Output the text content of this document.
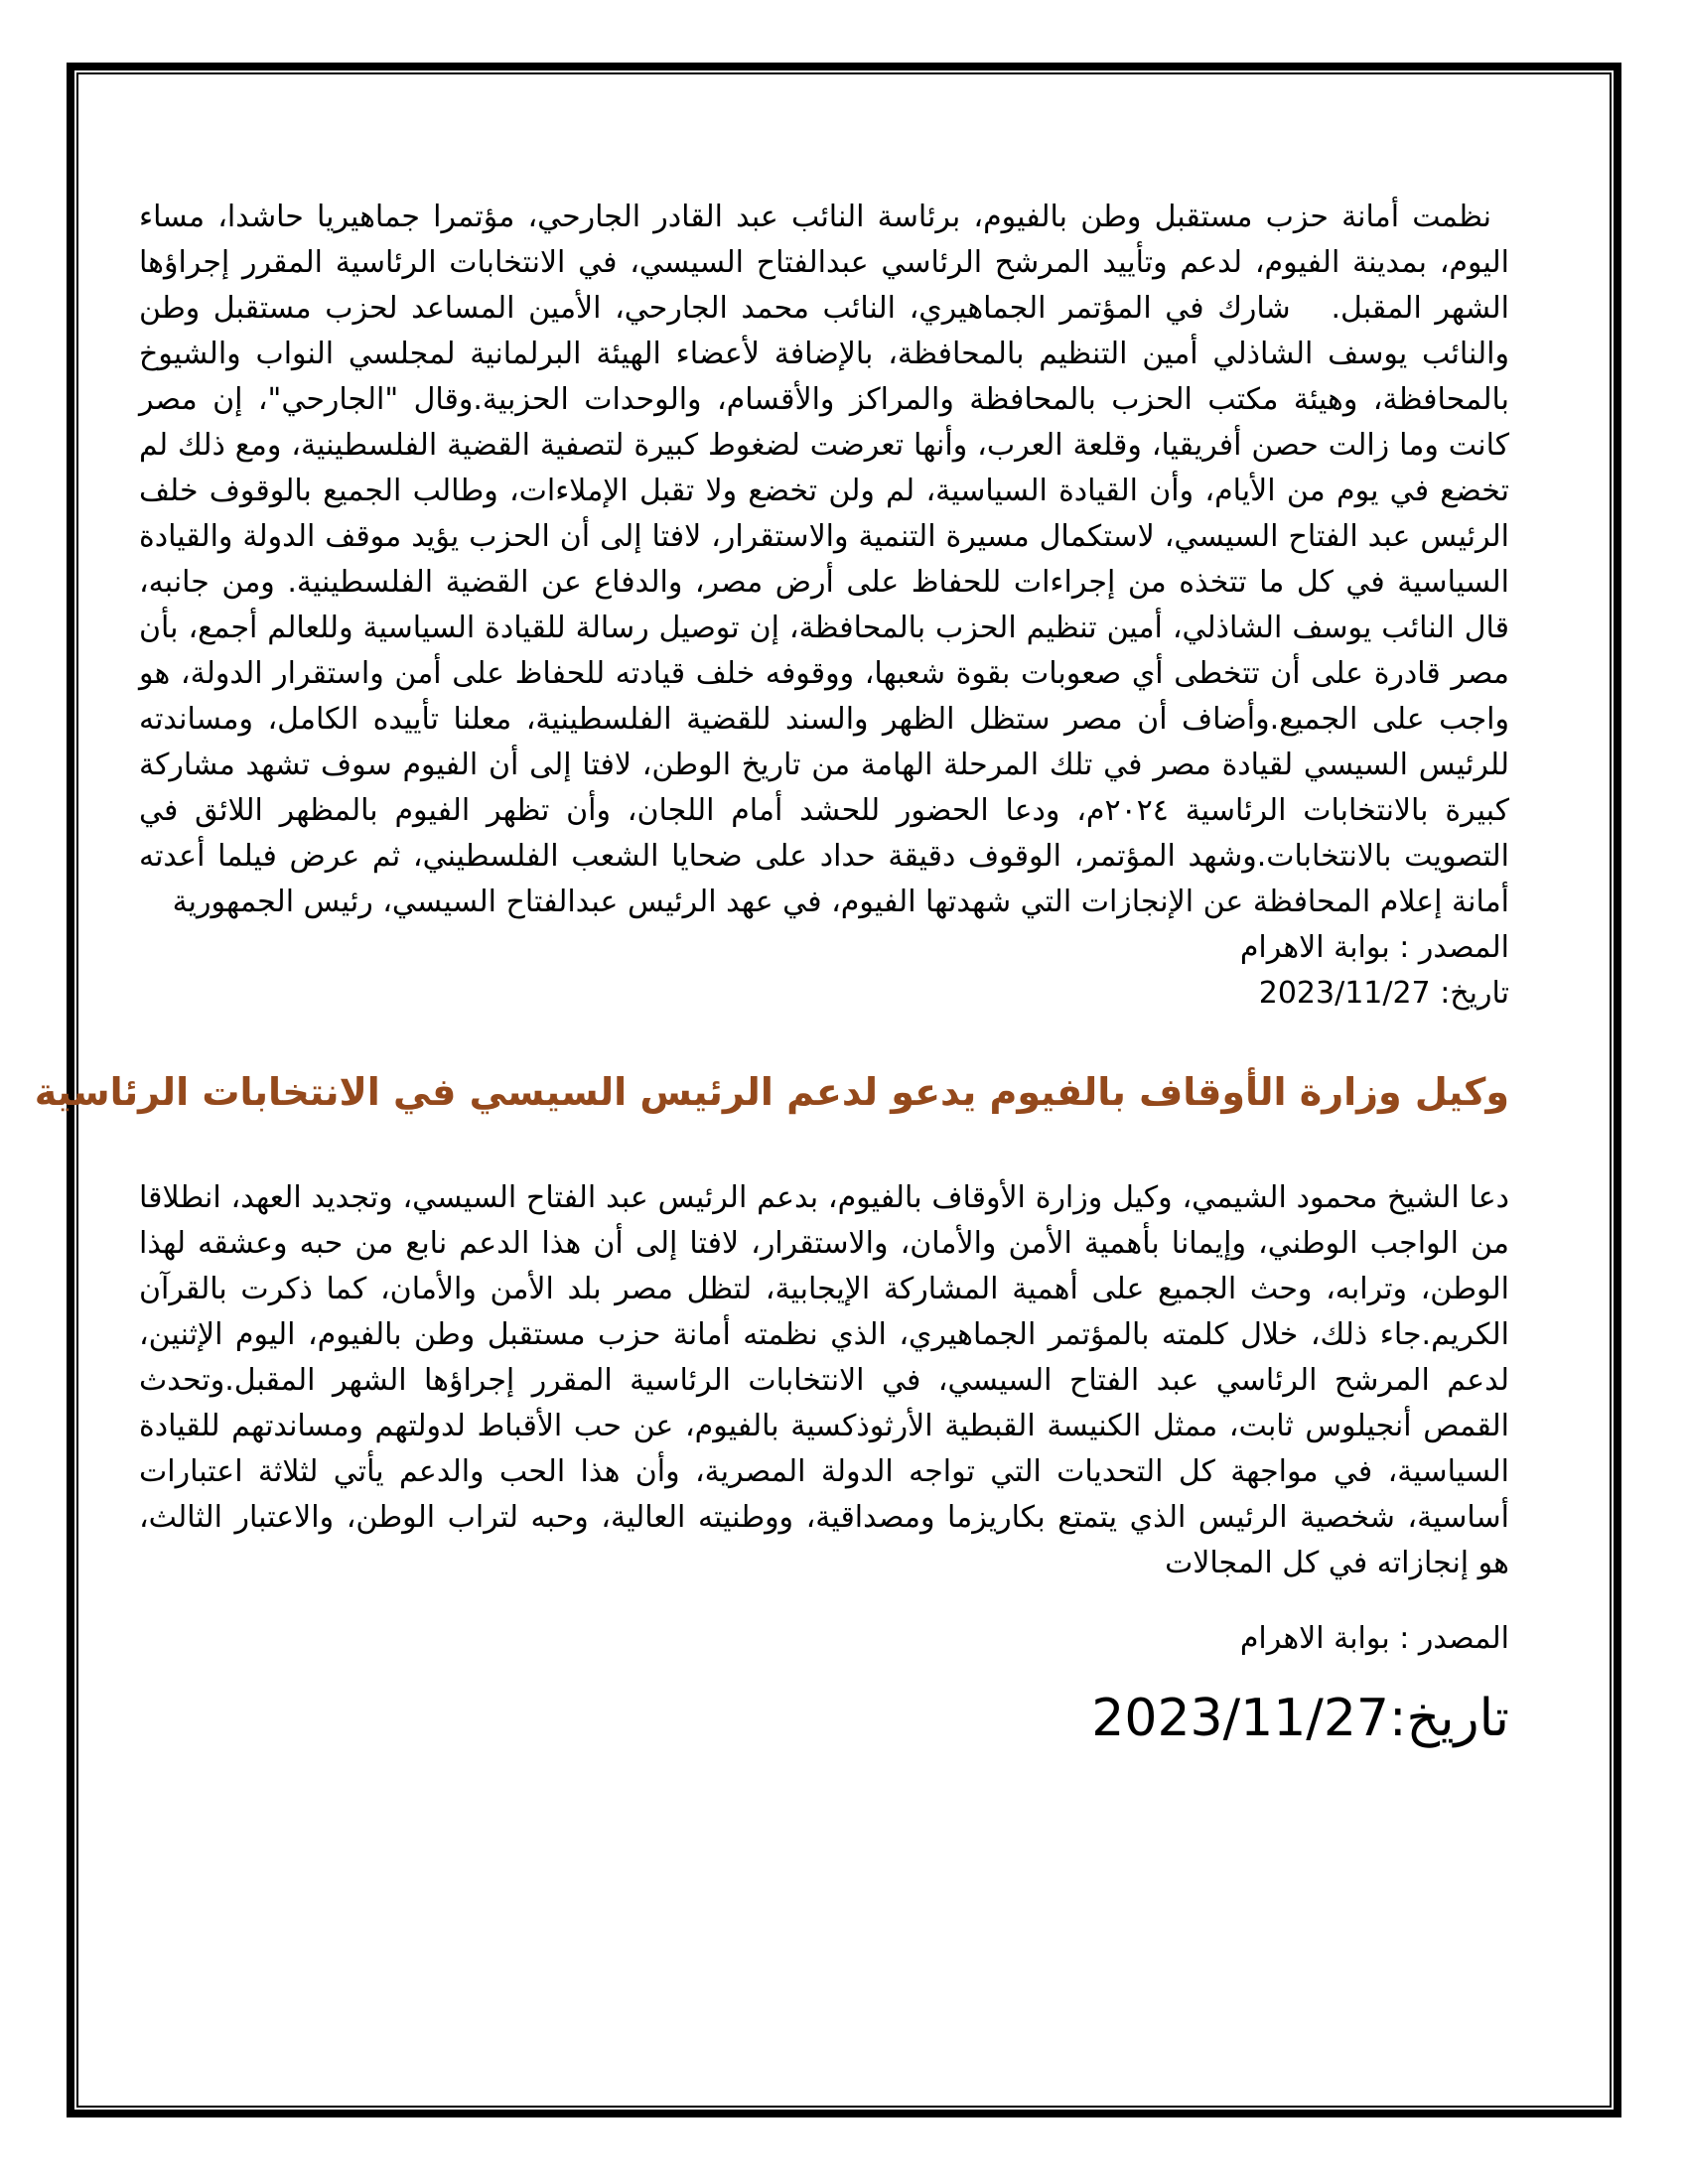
نظمت أمانة حزب مستقبل وطن بالفيوم، برئاسة النائب عبد القادر الجارحي، مؤتمرا جماهيريا حاشدا، مساء اليوم، بمدينة الفيوم، لدعم وتأييد المرشح الرئاسي عبدالفتاح السيسي، في الانتخابات الرئاسية المقرر إجراؤها الشهر المقبل.   شارك في المؤتمر الجماهيري، النائب محمد الجارحي، الأمين المساعد لحزب مستقبل وطن والنائب يوسف الشاذلي أمين التنظيم بالمحافظة، بالإضافة لأعضاء الهيئة البرلمانية لمجلسي النواب والشيوخ بالمحافظة، وهيئة مكتب الحزب بالمحافظة والمراكز والأقسام، والوحدات الحزبية.وقال "الجارحي"، إن مصر كانت وما زالت حصن أفريقيا، وقلعة العرب، وأنها تعرضت لضغوط كبيرة لتصفية القضية الفلسطينية، ومع ذلك لم تخضع في يوم من الأيام، وأن القيادة السياسية، لم ولن تخضع ولا تقبل الإملاءات، وطالب الجميع بالوقوف خلف الرئيس عبد الفتاح السيسي، لاستكمال مسيرة التنمية والاستقرار، لافتا إلى أن الحزب يؤيد موقف الدولة والقيادة السياسية في كل ما تتخذه من إجراءات للحفاظ على أرض مصر، والدفاع عن القضية الفلسطينية. ومن جانبه، قال النائب يوسف الشاذلي، أمين تنظيم الحزب بالمحافظة، إن توصيل رسالة للقيادة السياسية وللعالم أجمع، بأن مصر قادرة على أن تتخطى أي صعوبات بقوة شعبها، ووقوفه خلف قيادته للحفاظ على أمن واستقرار الدولة، هو واجب على الجميع.وأضاف أن مصر ستظل الظهر والسند للقضية الفلسطينية، معلنا تأييده الكامل، ومساندته للرئيس السيسي لقيادة مصر في تلك المرحلة الهامة من تاريخ الوطن، لافتا إلى أن الفيوم سوف تشهد مشاركة كبيرة بالانتخابات الرئاسية ٢٠٢٤م، ودعا الحضور للحشد أمام اللجان، وأن تظهر الفيوم بالمظهر اللائق في التصويت بالانتخابات.وشهد المؤتمر، الوقوف دقيقة حداد على ضحايا الشعب الفلسطيني، ثم عرض فيلما أعدته أمانة إعلام المحافظة عن الإنجازات التي شهدتها الفيوم، في عهد الرئيس عبدالفتاح السيسي، رئيس الجمهورية

المصدر : بوابة الاهرام

تاريخ: 2023/11/27

وكيل وزارة الأوقاف بالفيوم يدعو لدعم الرئيس السيسي في الانتخابات الرئاسية

دعا الشيخ محمود الشيمي، وكيل وزارة الأوقاف بالفيوم، بدعم الرئيس عبد الفتاح السيسي، وتجديد العهد، انطلاقا من الواجب الوطني، وإيمانا بأهمية الأمن والأمان، والاستقرار، لافتا إلى أن هذا الدعم نابع من حبه وعشقه لهذا الوطن، وترابه، وحث الجميع على أهمية المشاركة الإيجابية، لتظل مصر بلد الأمن والأمان، كما ذكرت بالقرآن الكريم.جاء ذلك، خلال كلمته بالمؤتمر الجماهيري، الذي نظمته أمانة حزب مستقبل وطن بالفيوم، اليوم الإثنين، لدعم المرشح الرئاسي عبد الفتاح السيسي، في الانتخابات الرئاسية المقرر إجراؤها الشهر المقبل.وتحدث القمص أنجيلوس ثابت، ممثل الكنيسة القبطية الأرثوذكسية بالفيوم، عن حب الأقباط لدولتهم ومساندتهم للقيادة السياسية، في مواجهة كل التحديات التي تواجه الدولة المصرية، وأن هذا الحب والدعم يأتي لثلاثة اعتبارات أساسية، شخصية الرئيس الذي يتمتع بكاريزما ومصداقية، ووطنيته العالية، وحبه لتراب الوطن، والاعتبار الثالث، هو إنجازاته في كل المجالات

المصدر : بوابة الاهرام

تاريخ:2023/11/27
